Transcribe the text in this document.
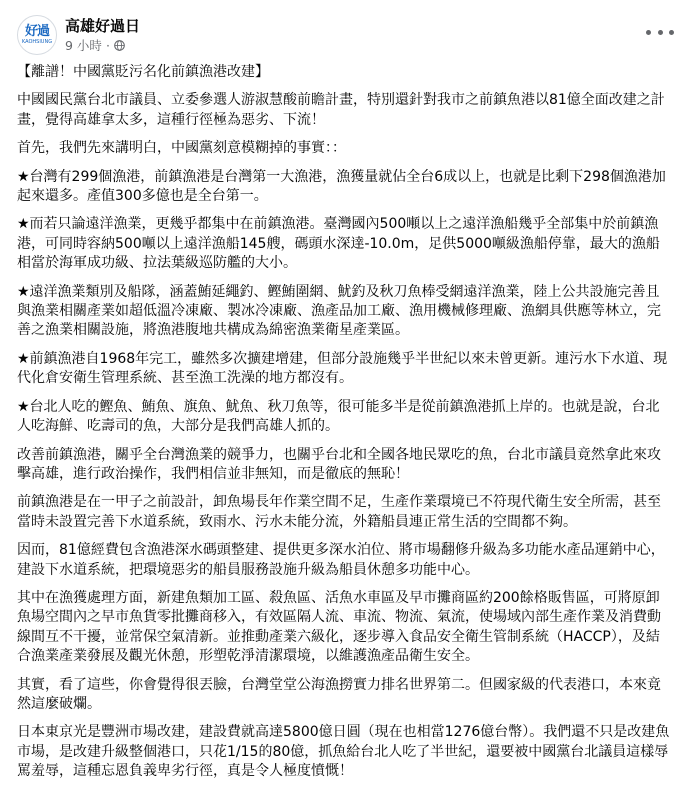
好過
KAOHSIUNG
高雄好過日
9 小時 ·

【離譜！中國黨貶污名化前鎮漁港改建】

中國國民黨台北市議員、立委參選人游淑慧酸前瞻計畫，特別還針對我市之前鎮魚港以81億全面改建之計畫，覺得高雄拿太多，這種行徑極為惡劣、下流！

首先，我們先來講明白，中國黨刻意模糊掉的事實：：

★台灣有299個漁港，前鎮漁港是台灣第一大漁港，漁獲量就佔全台6成以上，也就是比剩下298個漁港加起來還多。產值300多億也是全台第一。

★而若只論遠洋漁業，更幾乎都集中在前鎮漁港。臺灣國內500噸以上之遠洋漁船幾乎全部集中於前鎮漁港，可同時容納500噸以上遠洋漁船145艘，碼頭水深達-10.0m，足供5000噸級漁船停靠，最大的漁船相當於海軍成功級、拉法葉級巡防艦的大小。

★遠洋漁業類別及船隊，涵蓋鮪延繩釣、鰹鮪圍網、魷釣及秋刀魚棒受網遠洋漁業，陸上公共設施完善且與漁業相關產業如超低溫冷凍廠、製冰冷凍廠、漁產品加工廠、漁用機械修理廠、漁網具供應等林立，完善之漁業相關設施，將漁港腹地共構成為綿密漁業衛星產業區。

★前鎮漁港自1968年完工，雖然多次擴建增建，但部分設施幾乎半世紀以來未曾更新。連污水下水道、現代化倉安衛生管理系統、甚至漁工洗澡的地方都沒有。

★台北人吃的鰹魚、鮪魚、旗魚、魷魚、秋刀魚等，很可能多半是從前鎮漁港抓上岸的。也就是說，台北人吃海鮮、吃壽司的魚，大部分是我們高雄人抓的。

改善前鎮漁港，關乎全台灣漁業的競爭力，也關乎台北和全國各地民眾吃的魚，台北市議員竟然拿此來攻擊高雄，進行政治操作，我們相信並非無知，而是徹底的無恥！

前鎮漁港是在一甲子之前設計，卸魚場長年作業空間不足，生產作業環境已不符現代衛生安全所需，甚至當時未設置完善下水道系統，致雨水、污水未能分流，外籍船員連正常生活的空間都不夠。

因而，81億經費包含漁港深水碼頭整建、提供更多深水泊位、將市場翻修升級為多功能水產品運銷中心，建設下水道系統，把環境惡劣的船員服務設施升級為船員休憩多功能中心。

其中在漁獲處理方面，新建魚類加工區、殺魚區、活魚水車區及早市攤商區約200餘格販售區，可將原卸魚場空間內之早市魚貨零批攤商移入，有效區隔人流、車流、物流、氣流，使場域內部生產作業及消費動線間互不干擾，並常保空氣清新。並推動產業六級化，逐步導入食品安全衛生管制系統（HACCP），及結合漁業產業發展及觀光休憩，形塑乾淨清潔環境，以維護漁產品衛生安全。

其實，看了這些，你會覺得很丟臉，台灣堂堂公海漁撈實力排名世界第二。但國家級的代表港口，本來竟然這麼破爛。

日本東京光是豐洲市場改建，建設費就高達5800億日圓（現在也相當1276億台幣）。我們還不只是改建魚市場，是改建升級整個港口，只花1/15的80億，抓魚給台北人吃了半世紀，還要被中國黨台北議員這樣辱罵羞辱，這種忘恩負義卑劣行徑，真是令人極度憤慨！
